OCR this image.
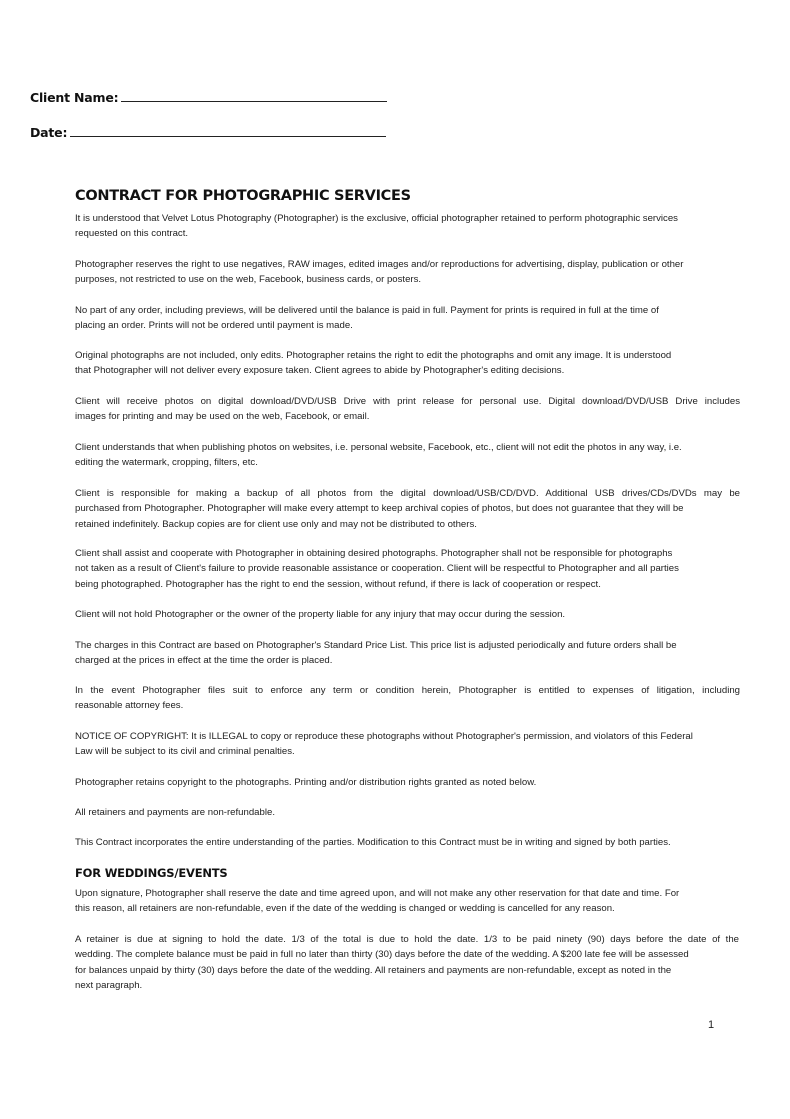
Client Name:
Date:
CONTRACT FOR PHOTOGRAPHIC SERVICES
It is understood that Velvet Lotus Photography (Photographer) is the exclusive, official photographer retained to perform photographic services
requested on this contract.
Photographer reserves the right to use negatives, RAW images, edited images and/or reproductions for advertising, display, publication or other
purposes, not restricted to use on the web, Facebook, business cards, or posters.
No part of any order, including previews, will be delivered until the balance is paid in full. Payment for prints is required in full at the time of
placing an order. Prints will not be ordered until payment is made.
Original photographs are not included, only edits. Photographer retains the right to edit the photographs and omit any image. It is understood
that Photographer will not deliver every exposure taken. Client agrees to abide by Photographer's editing decisions.
Client will receive photos on digital download/DVD/USB Drive with print release for personal use. Digital download/DVD/USB Drive includes
images for printing and may be used on the web, Facebook, or email.
Client understands that when publishing photos on websites, i.e. personal website, Facebook, etc., client will not edit the photos in any way, i.e.
editing the watermark, cropping, filters, etc.
Client is responsible for making a backup of all photos from the digital download/USB/CD/DVD. Additional USB drives/CDs/DVDs may be
purchased from Photographer. Photographer will make every attempt to keep archival copies of photos, but does not guarantee that they will be
retained indefinitely. Backup copies are for client use only and may not be distributed to others.
Client shall assist and cooperate with Photographer in obtaining desired photographs. Photographer shall not be responsible for photographs
not taken as a result of Client's failure to provide reasonable assistance or cooperation. Client will be respectful to Photographer and all parties
being photographed. Photographer has the right to end the session, without refund, if there is lack of cooperation or respect.
Client will not hold Photographer or the owner of the property liable for any injury that may occur during the session.
The charges in this Contract are based on Photographer's Standard Price List. This price list is adjusted periodically and future orders shall be
charged at the prices in effect at the time the order is placed.
In the event Photographer files suit to enforce any term or condition herein, Photographer is entitled to expenses of litigation, including
reasonable attorney fees.
NOTICE OF COPYRIGHT: It is ILLEGAL to copy or reproduce these photographs without Photographer's permission, and violators of this Federal
Law will be subject to its civil and criminal penalties.
Photographer retains copyright to the photographs. Printing and/or distribution rights granted as noted below.
All retainers and payments are non-refundable.
This Contract incorporates the entire understanding of the parties. Modification to this Contract must be in writing and signed by both parties.
FOR WEDDINGS/EVENTS
Upon signature, Photographer shall reserve the date and time agreed upon, and will not make any other reservation for that date and time. For
this reason, all retainers are non-refundable, even if the date of the wedding is changed or wedding is cancelled for any reason.
A retainer is due at signing to hold the date. 1/3 of the total is due to hold the date. 1/3 to be paid ninety (90) days before the date of the
wedding. The complete balance must be paid in full no later than thirty (30) days before the date of the wedding. A $200 late fee will be assessed
for balances unpaid by thirty (30) days before the date of the wedding. All retainers and payments are non-refundable, except as noted in the
next paragraph.
1
